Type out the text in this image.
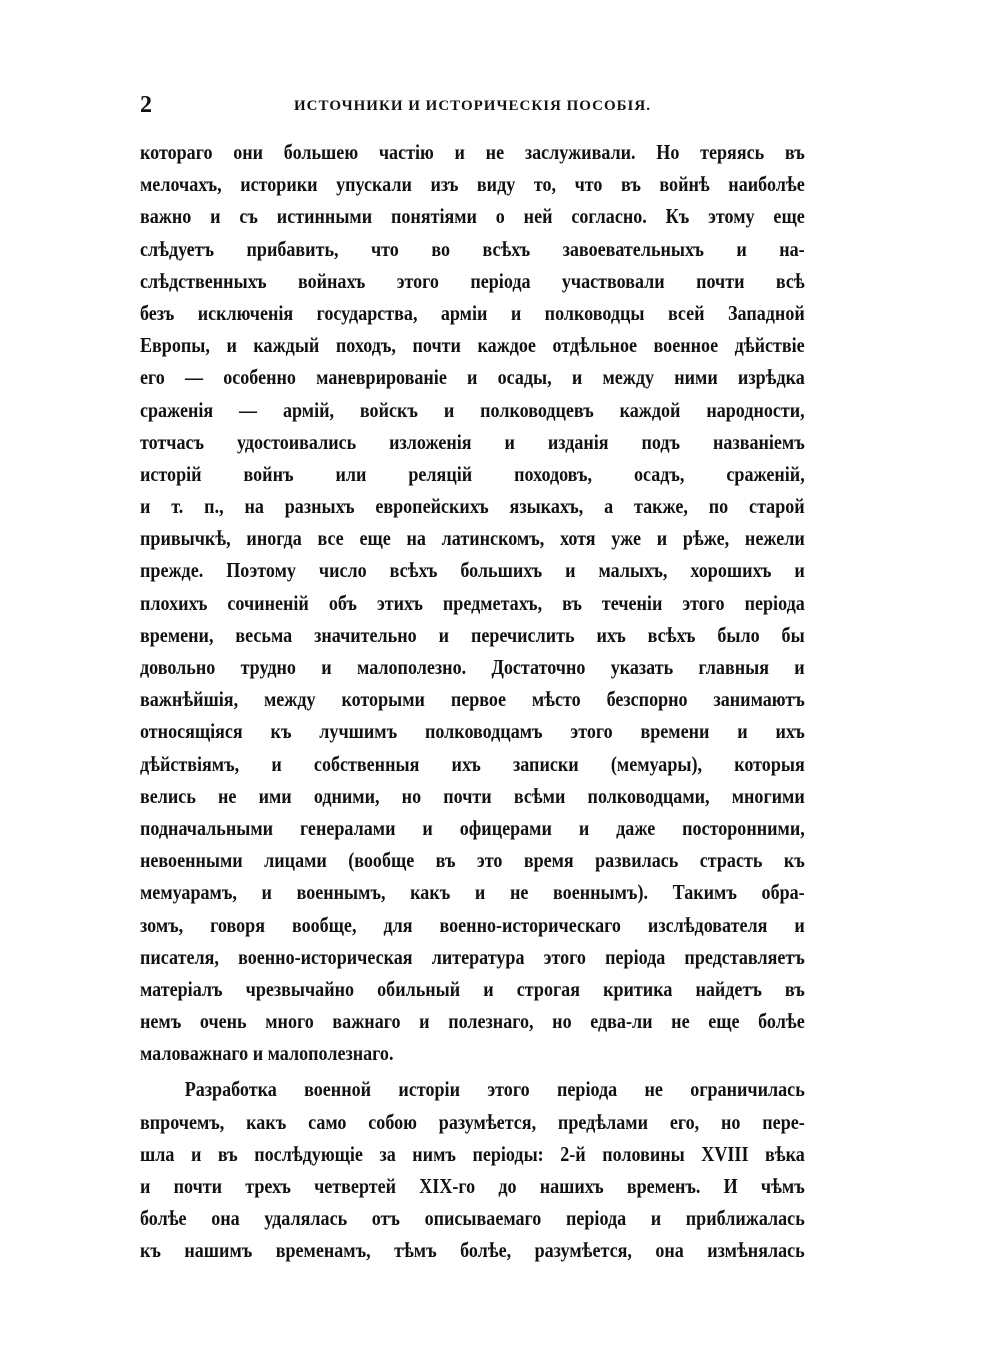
2	ИСТОЧНИКИ И ИСТОРИЧЕСКІЯ ПОСОБІЯ.
котораго они большею частію и не заслуживали. Но теряясь въ
мелочахъ, историки упускали изъ виду то, что въ войнѣ наиболѣе
важно и съ истинными понятіями о ней согласно. Къ этому еще
слѣдуетъ прибавить, что во всѣхъ завоевательныхъ и на-
слѣдственныхъ войнахъ этого періода участвовали почти всѣ
безъ исключенія государства, арміи и полководцы всей Западной
Европы, и каждый походъ, почти каждое отдѣльное военное дѣйствіе
его — особенно маневрированіе и осады, и между ними изрѣдка
сраженія — армій, войскъ и полководцевъ каждой народности,
тотчасъ удостоивались изложенія и изданія подъ названіемъ
исторій войнъ или реляцій походовъ, осадъ, сраженій,
и т. п., на разныхъ европейскихъ языкахъ, а также, по старой
привычкѣ, иногда все еще на латинскомъ, хотя уже и рѣже, нежели
прежде. Поэтому число всѣхъ большихъ и малыхъ, хорошихъ и
плохихъ сочиненій объ этихъ предметахъ, въ теченіи этого періода
времени, весьма значительно и перечислить ихъ всѣхъ было бы
довольно трудно и малополезно. Достаточно указать главныя и
важнѣйшія, между которыми первое мѣсто безспорно занимаютъ
относящіяся къ лучшимъ полководцамъ этого времени и ихъ
дѣйствіямъ, и собственныя ихъ записки (мемуары), которыя
велись не ими одними, но почти всѣми полководцами, многими
подначальными генералами и офицерами и даже посторонними,
невоенными лицами (вообще въ это время развилась страсть къ
мемуарамъ, и военнымъ, какъ и не военнымъ). Такимъ обра-
зомъ, говоря вообще, для военно-историческаго изслѣдователя и
писателя, военно-историческая литература этого періода представляетъ
матеріалъ чрезвычайно обильный и строгая критика найдетъ въ
немъ очень много важнаго и полезнаго, но едва-ли не еще болѣе
маловажнаго и малополезнаго.
Разработка военной исторіи этого періода не ограничилась
впрочемъ, какъ само собою разумѣется, предѣлами его, но пере-
шла и въ послѣдующіе за нимъ періоды: 2-й половины XVIII вѣка
и почти трехъ четвертей XIX-го до нашихъ временъ. И чѣмъ
болѣе она удалялась отъ описываемаго періода и приближалась
къ нашимъ временамъ, тѣмъ болѣе, разумѣется, она измѣнялась
